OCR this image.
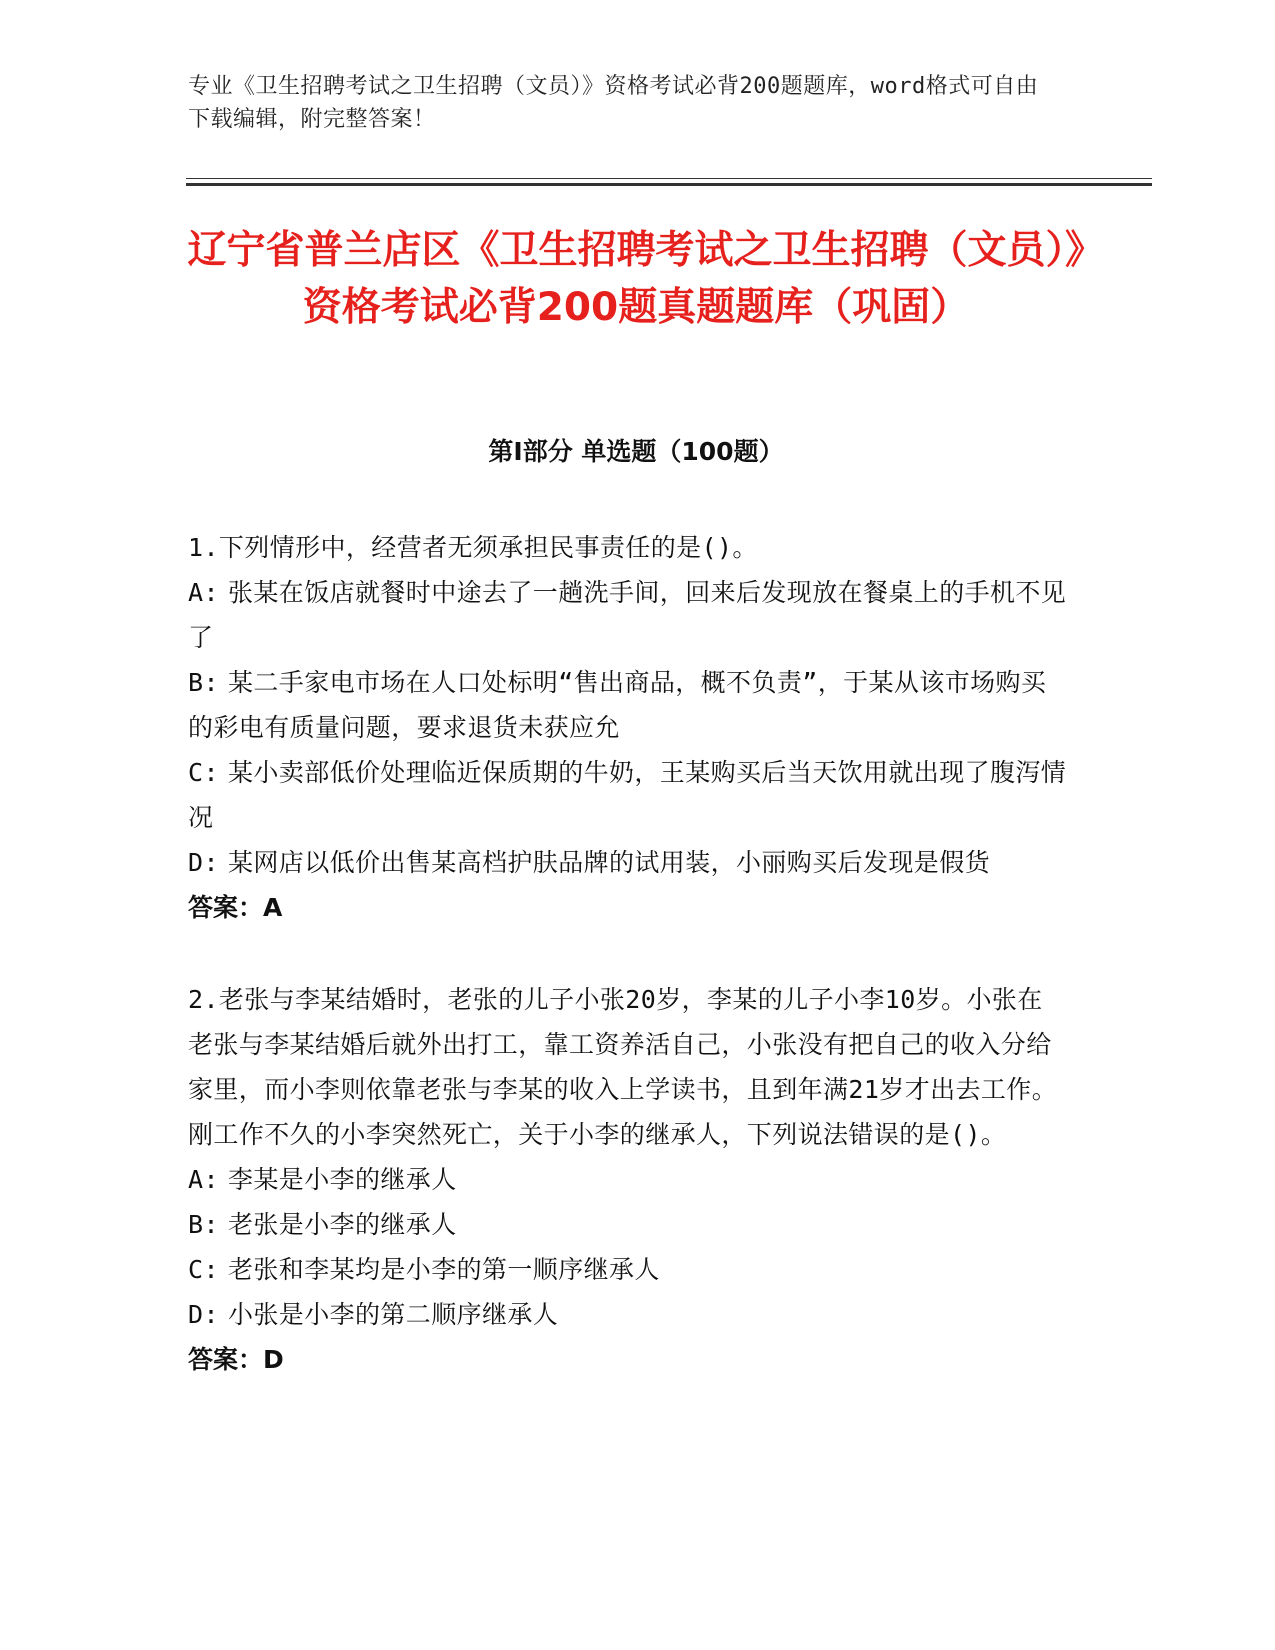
专业《卫生招聘考试之卫生招聘（文员）》资格考试必背200题题库，word格式可自由下载编辑，附完整答案！
辽宁省普兰店区《卫生招聘考试之卫生招聘（文员）》资格考试必背200题真题题库（巩固）
第I部分 单选题（100题）

1.下列情形中，经营者无须承担民事责任的是()。

A: 张某在饭店就餐时中途去了一趟洗手间，回来后发现放在餐桌上的手机不见了

B: 某二手家电市场在人口处标明“售出商品，概不负责”，于某从该市场购买的彩电有质量问题，要求退货未获应允

C: 某小卖部低价处理临近保质期的牛奶，王某购买后当天饮用就出现了腹泻情况

D: 某网店以低价出售某高档护肤品牌的试用装，小丽购买后发现是假货

答案：A

2.老张与李某结婚时，老张的儿子小张20岁，李某的儿子小李10岁。小张在老张与李某结婚后就外出打工，靠工资养活自己，小张没有把自己的收入分给家里，而小李则依靠老张与李某的收入上学读书，且到年满21岁才出去工作。刚工作不久的小李突然死亡，关于小李的继承人，下列说法错误的是()。

A: 李某是小李的继承人

B: 老张是小李的继承人

C: 老张和李某均是小李的第一顺序继承人

D: 小张是小李的第二顺序继承人

答案：D
